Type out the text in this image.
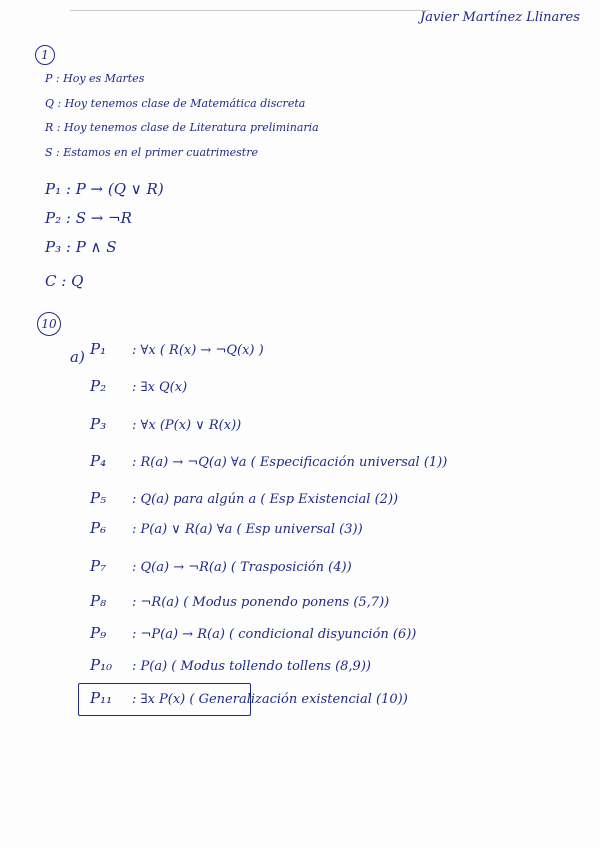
Javier Martínez Llinares
1
P : Hoy es Martes
Q : Hoy tenemos clase de Matemática discreta
R : Hoy tenemos clase de Literatura preliminaria
S : Estamos en el primer cuatrimestre
P₁ : P → (Q ∨ R)
P₂ : S → ¬R
P₃ : P ∧ S
C : Q
10
a) P₁ : ∀x ( R(x) → ¬Q(x) )
P₂ : ∃x Q(x)
P₃ : ∀x (P(x) ∨ R(x))
P₄ : R(a) → ¬Q(a) ∀a ( Especificación universal (1))
P₅ : Q(a) para algún a ( Esp Existencial (2))
P₆ : P(a) ∨ R(a) ∀a ( Esp universal (3))
P₇ : Q(a) → ¬R(a) ( Trasposición (4))
P₈ : ¬R(a) ( Modus ponendo ponens (5,7))
P₉ : ¬P(a) → R(a) ( condicional disyunción (6))
P₁₀ : P(a) ( Modus tollendo tollens (8,9))
P₁₁ : ∃x P(x) ( Generalización existencial (10))
